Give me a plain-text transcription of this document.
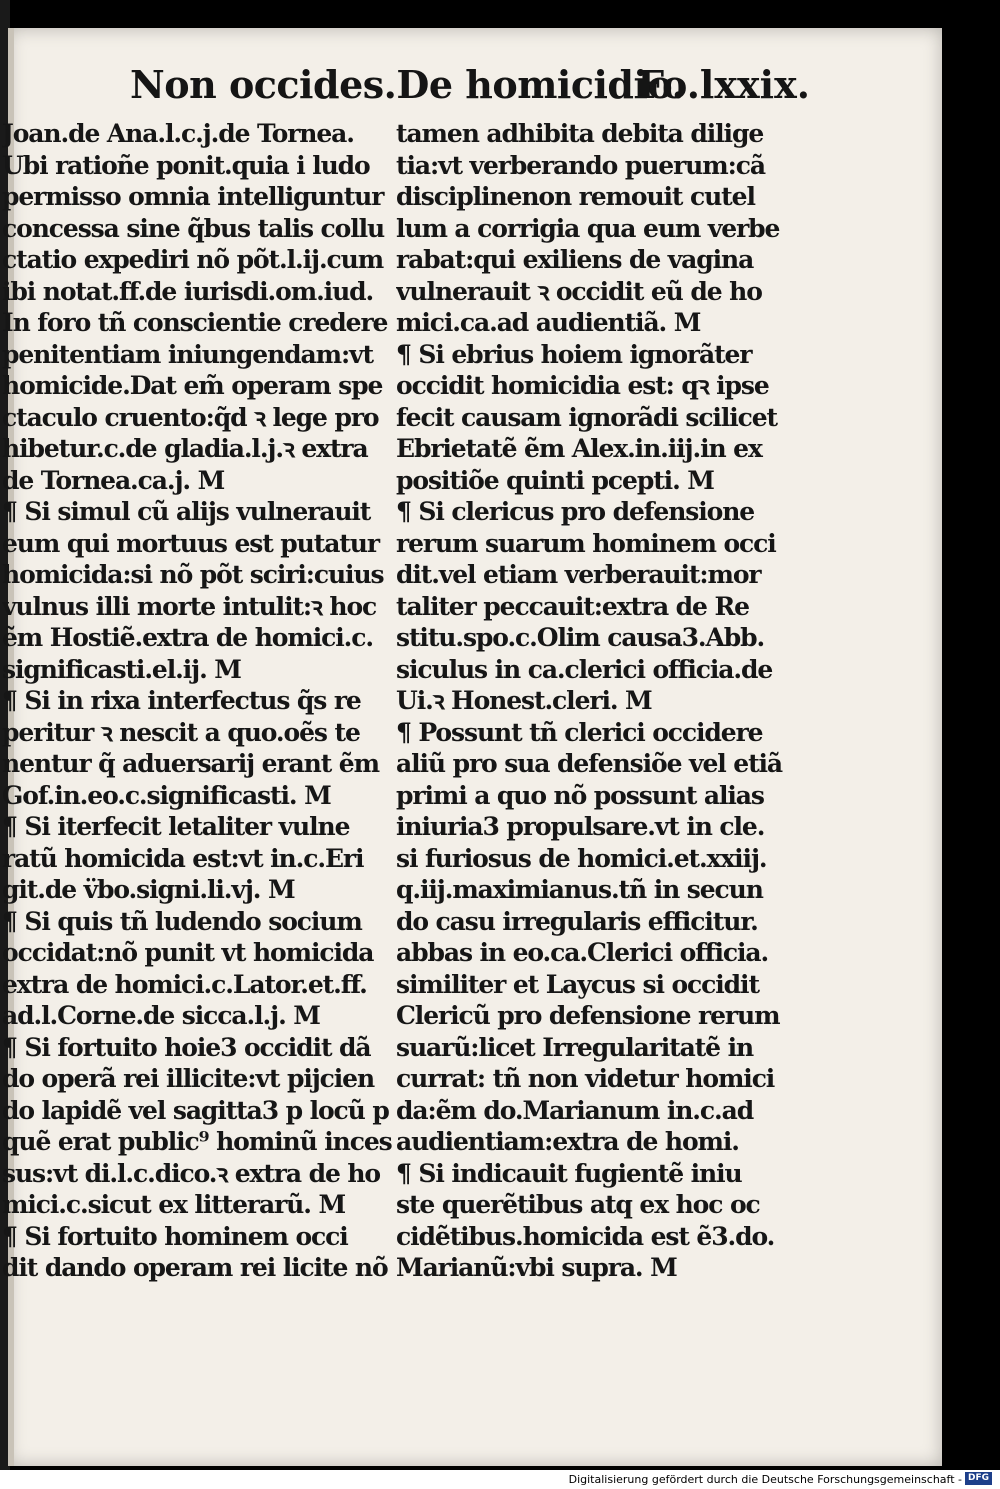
Non occides.De homicidio.
Fo.lxxix.
Joan.de Ana.l.c.j.de Tornea.
Ubi ratioñe ponit.quia i ludo
permisso omnia intelliguntur
concessa sine q̃bus talis collu
ctatio expediri nõ põt.l.ij.cum
ibi notat.ff.de iurisdi.om.iud.
In foro tñ conscientie credere
penitentiam iniungendam:vt
homicide.Dat em̃ operam spe
ctaculo cruento:q̃d ꝛ lege pro
hibetur.c.de gladia.l.j.ꝛ extra
de Tornea.ca.j. M
¶ Si simul cũ alijs vulnerauit
eum qui mortuus est putatur
homicida:si nõ põt sciri:cuius
vulnus illi morte intulit:ꝛ hoc
ẽm Hostiẽ.extra de homici.c.
significasti.el.ij. M
¶ Si in rixa interfectus q̃s re
peritur ꝛ nescit a quo.oẽs te
nentur q̃ aduersarij erant ẽm
Gof.in.eo.c.significasti. M
¶ Si iterfecit letaliter vulne
ratũ homicida est:vt in.c.Eri
git.de v̈bo.signi.li.vj. M
¶ Si quis tñ ludendo socium
occidat:nõ punit vt homicida
extra de homici.c.Lator.et.ff.
ad.l.Corne.de sicca.l.j. M
¶ Si fortuito hoie3 occidit dã
do operã rei illicite:vt pijcien
do lapidẽ vel sagitta3 p locũ p
quẽ erat public⁹ hominũ inces
sus:vt di.l.c.dico.ꝛ extra de ho
mici.c.sicut ex litterarũ. M
¶ Si fortuito hominem occi
dit dando operam rei licite nõ
tamen adhibita debita dilige
tia:vt verberando puerum:cã
disciplinenon remouit cutel
lum a corrigia qua eum verbe
rabat:qui exiliens de vagina
vulnerauit ꝛ occidit eũ de ho
mici.ca.ad audientiã. M
¶ Si ebrius hoiem ignorãter
occidit homicidia est: qꝛ ipse
fecit causam ignorãdi scilicet
Ebrietatẽ ẽm Alex.in.iij.in ex
positiõe quinti pcepti. M
¶ Si clericus pro defensione
rerum suarum hominem occi
dit.vel etiam verberauit:mor
taliter peccauit:extra de Re
stitu.spo.c.Olim causa3.Abb.
siculus in ca.clerici officia.de
Ui.ꝛ Honest.cleri. M
¶ Possunt tñ clerici occidere
aliũ pro sua defensiõe vel etiã
primi a quo nõ possunt alias
iniuria3 propulsare.vt in cle.
si furiosus de homici.et.xxiij.
q.iij.maximianus.tñ in secun
do casu irregularis efficitur.
abbas in eo.ca.Clerici officia.
similiter et Laycus si occidit
Clericũ pro defensione rerum
suarũ:licet Irregularitatẽ in
currat: tñ non videtur homici
da:ẽm do.Marianum in.c.ad
audientiam:extra de homi.
¶ Si indicauit fugientẽ iniu
ste querẽtibus atq ex hoc oc
cidẽtibus.homicida est ẽ3.do.
Marianũ:vbi supra. M
Digitalisierung gefördert durch die Deutsche Forschungsgemeinschaft - DFG
